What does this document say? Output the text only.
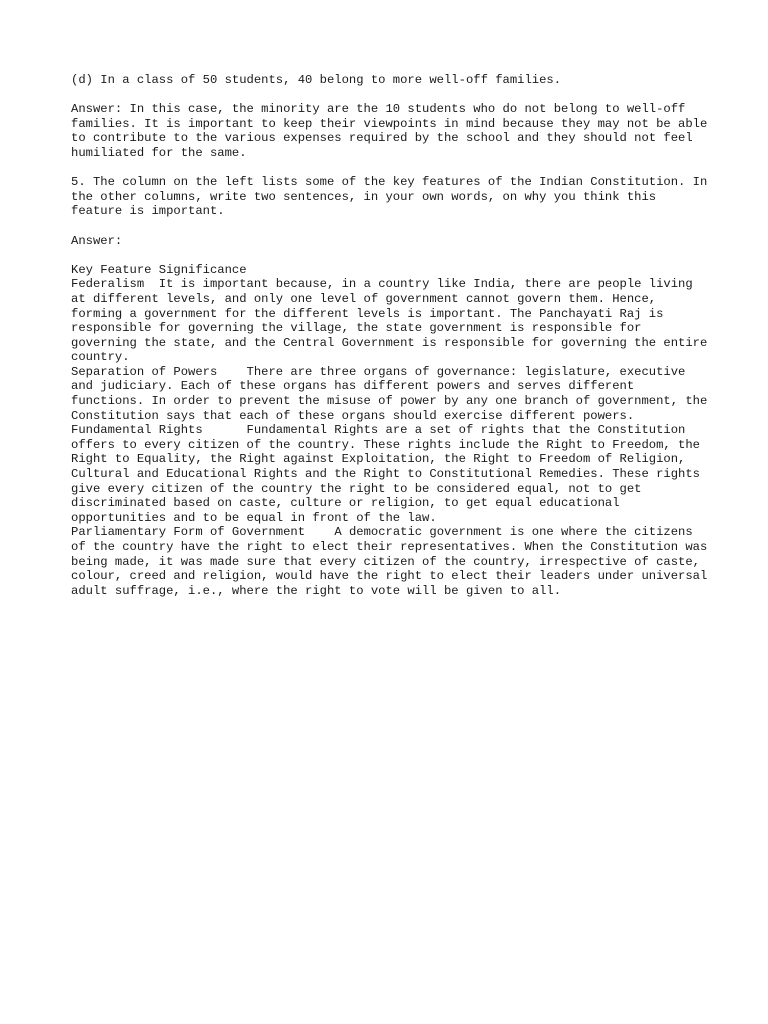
(d) In a class of 50 students, 40 belong to more well-off families.

Answer: In this case, the minority are the 10 students who do not belong to well-off families. It is important to keep their viewpoints in mind because they may not be able to contribute to the various expenses required by the school and they should not feel humiliated for the same.

5. The column on the left lists some of the key features of the Indian Constitution. In the other columns, write two sentences, in your own words, on why you think this feature is important.

Answer:

Key Feature Significance
Federalism It is important because, in a country like India, there are people living at different levels, and only one level of government cannot govern them. Hence, forming a government for the different levels is important. The Panchayati Raj is responsible for governing the village, the state government is responsible for governing the state, and the Central Government is responsible for governing the entire country.
Separation of Powers There are three organs of governance: legislature, executive and judiciary. Each of these organs has different powers and serves different functions. In order to prevent the misuse of power by any one branch of government, the Constitution says that each of these organs should exercise different powers.
Fundamental Rights	Fundamental Rights are a set of rights that the Constitution offers to every citizen of the country. These rights include the Right to Freedom, the Right to Equality, the Right against Exploitation, the Right to Freedom of Religion, Cultural and Educational Rights and the Right to Constitutional Remedies. These rights give every citizen of the country the right to be considered equal, not to get discriminated based on caste, culture or religion, to get equal educational opportunities and to be equal in front of the law.
Parliamentary Form of Government A democratic government is one where the citizens of the country have the right to elect their representatives. When the Constitution was being made, it was made sure that every citizen of the country, irrespective of caste, colour, creed and religion, would have the right to elect their leaders under universal adult suffrage, i.e., where the right to vote will be given to all.
